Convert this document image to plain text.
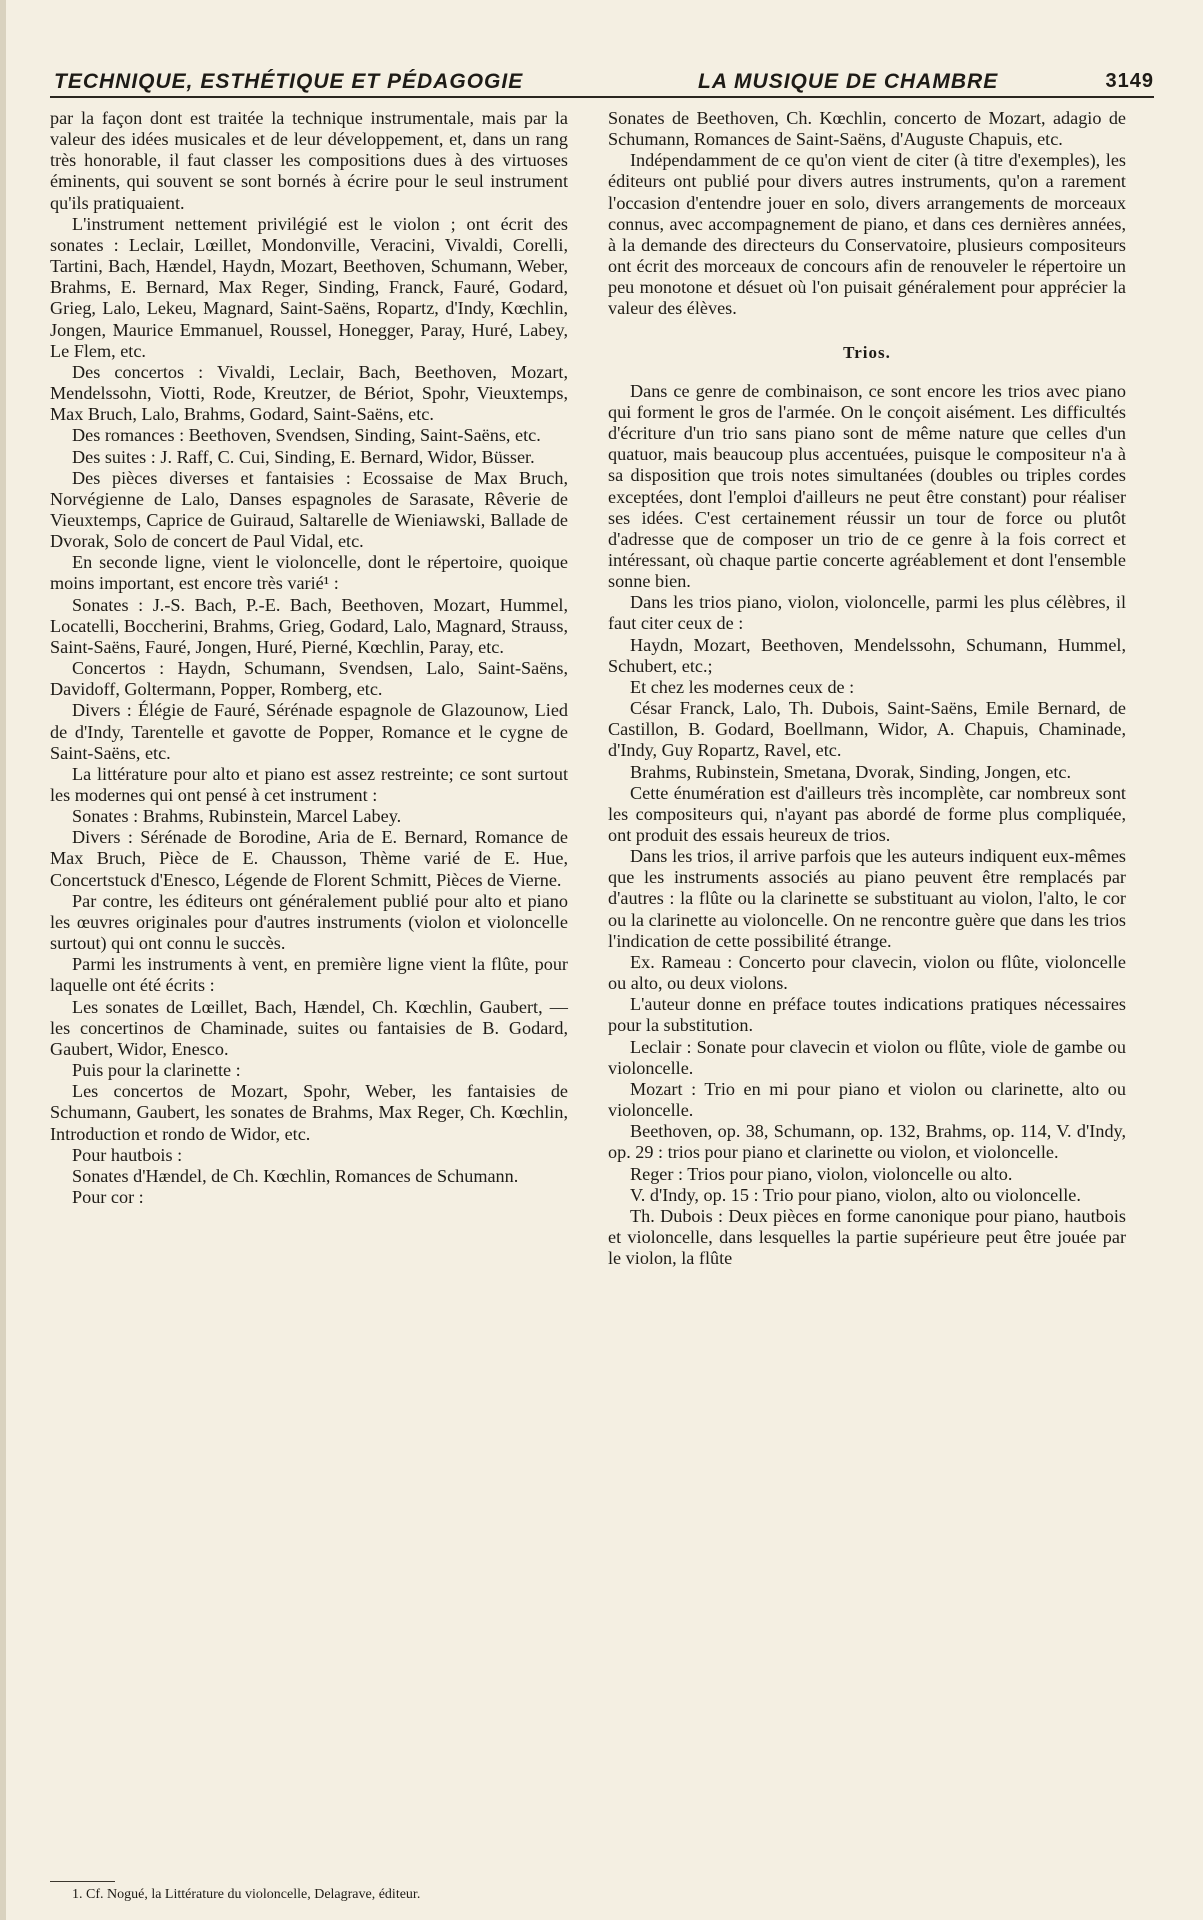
TECHNIQUE, ESTHÉTIQUE ET PÉDAGOGIE	LA MUSIQUE DE CHAMBRE	3149

par la façon dont est traitée la technique instrumentale, mais par la valeur des idées musicales et de leur développement, et, dans un rang très honorable, il faut classer les compositions dues à des virtuoses éminents, qui souvent se sont bornés à écrire pour le seul instrument qu'ils pratiquaient.

L'instrument nettement privilégié est le violon ; ont écrit des sonates : Leclair, Lœillet, Mondonville, Veracini, Vivaldi, Corelli, Tartini, Bach, Hændel, Haydn, Mozart, Beethoven, Schumann, Weber, Brahms, E. Bernard, Max Reger, Sinding, Franck, Fauré, Godard, Grieg, Lalo, Lekeu, Magnard, Saint-Saëns, Ropartz, d'Indy, Kœchlin, Jongen, Maurice Emmanuel, Roussel, Honegger, Paray, Huré, Labey, Le Flem, etc.

Des concertos : Vivaldi, Leclair, Bach, Beethoven, Mozart, Mendelssohn, Viotti, Rode, Kreutzer, de Bériot, Spohr, Vieuxtemps, Max Bruch, Lalo, Brahms, Godard, Saint-Saëns, etc.

Des romances : Beethoven, Svendsen, Sinding, Saint-Saëns, etc.

Des suites : J. Raff, C. Cui, Sinding, E. Bernard, Widor, Büsser.

Des pièces diverses et fantaisies : Ecossaise de Max Bruch, Norvégienne de Lalo, Danses espagnoles de Sarasate, Rêverie de Vieuxtemps, Caprice de Guiraud, Saltarelle de Wieniawski, Ballade de Dvorak, Solo de concert de Paul Vidal, etc.

En seconde ligne, vient le violoncelle, dont le répertoire, quoique moins important, est encore très varié¹ :

Sonates : J.-S. Bach, P.-E. Bach, Beethoven, Mozart, Hummel, Locatelli, Boccherini, Brahms, Grieg, Godard, Lalo, Magnard, Strauss, Saint-Saëns, Fauré, Jongen, Huré, Pierné, Kœchlin, Paray, etc.

Concertos : Haydn, Schumann, Svendsen, Lalo, Saint-Saëns, Davidoff, Goltermann, Popper, Romberg, etc.

Divers : Élégie de Fauré, Sérénade espagnole de Glazounow, Lied de d'Indy, Tarentelle et gavotte de Popper, Romance et le cygne de Saint-Saëns, etc.

La littérature pour alto et piano est assez restreinte; ce sont surtout les modernes qui ont pensé à cet instrument :

Sonates : Brahms, Rubinstein, Marcel Labey.

Divers : Sérénade de Borodine, Aria de E. Bernard, Romance de Max Bruch, Pièce de E. Chausson, Thème varié de E. Hue, Concertstuck d'Enesco, Légende de Florent Schmitt, Pièces de Vierne.

Par contre, les éditeurs ont généralement publié pour alto et piano les œuvres originales pour d'autres instruments (violon et violoncelle surtout) qui ont connu le succès.

Parmi les instruments à vent, en première ligne vient la flûte, pour laquelle ont été écrits :

Les sonates de Lœillet, Bach, Hændel, Ch. Kœchlin, Gaubert, — les concertinos de Chaminade, suites ou fantaisies de B. Godard, Gaubert, Widor, Enesco.

Puis pour la clarinette :

Les concertos de Mozart, Spohr, Weber, les fantaisies de Schumann, Gaubert, les sonates de Brahms, Max Reger, Ch. Kœchlin, Introduction et rondo de Widor, etc.

Pour hautbois :

Sonates d'Hændel, de Ch. Kœchlin, Romances de Schumann.

Pour cor :

1. Cf. Nogué, la Littérature du violoncelle, Delagrave, éditeur.

Sonates de Beethoven, Ch. Kœchlin, concerto de Mozart, adagio de Schumann, Romances de Saint-Saëns, d'Auguste Chapuis, etc.

Indépendamment de ce qu'on vient de citer (à titre d'exemples), les éditeurs ont publié pour divers autres instruments, qu'on a rarement l'occasion d'entendre jouer en solo, divers arrangements de morceaux connus, avec accompagnement de piano, et dans ces dernières années, à la demande des directeurs du Conservatoire, plusieurs compositeurs ont écrit des morceaux de concours afin de renouveler le répertoire un peu monotone et désuet où l'on puisait généralement pour apprécier la valeur des élèves.

Trios.

Dans ce genre de combinaison, ce sont encore les trios avec piano qui forment le gros de l'armée. On le conçoit aisément. Les difficultés d'écriture d'un trio sans piano sont de même nature que celles d'un quatuor, mais beaucoup plus accentuées, puisque le compositeur n'a à sa disposition que trois notes simultanées (doubles ou triples cordes exceptées, dont l'emploi d'ailleurs ne peut être constant) pour réaliser ses idées. C'est certainement réussir un tour de force ou plutôt d'adresse que de composer un trio de ce genre à la fois correct et intéressant, où chaque partie concerte agréablement et dont l'ensemble sonne bien.

Dans les trios piano, violon, violoncelle, parmi les plus célèbres, il faut citer ceux de :

Haydn, Mozart, Beethoven, Mendelssohn, Schumann, Hummel, Schubert, etc.;

Et chez les modernes ceux de :

César Franck, Lalo, Th. Dubois, Saint-Saëns, Emile Bernard, de Castillon, B. Godard, Boellmann, Widor, A. Chapuis, Chaminade, d'Indy, Guy Ropartz, Ravel, etc.

Brahms, Rubinstein, Smetana, Dvorak, Sinding, Jongen, etc.

Cette énumération est d'ailleurs très incomplète, car nombreux sont les compositeurs qui, n'ayant pas abordé de forme plus compliquée, ont produit des essais heureux de trios.

Dans les trios, il arrive parfois que les auteurs indiquent eux-mêmes que les instruments associés au piano peuvent être remplacés par d'autres : la flûte ou la clarinette se substituant au violon, l'alto, le cor ou la clarinette au violoncelle. On ne rencontre guère que dans les trios l'indication de cette possibilité étrange.

Ex. Rameau : Concerto pour clavecin, violon ou flûte, violoncelle ou alto, ou deux violons.

L'auteur donne en préface toutes indications pratiques nécessaires pour la substitution.

Leclair : Sonate pour clavecin et violon ou flûte, viole de gambe ou violoncelle.

Mozart : Trio en mi pour piano et violon ou clarinette, alto ou violoncelle.

Beethoven, op. 38, Schumann, op. 132, Brahms, op. 114, V. d'Indy, op. 29 : trios pour piano et clarinette ou violon, et violoncelle.

Reger : Trios pour piano, violon, violoncelle ou alto.

V. d'Indy, op. 15 : Trio pour piano, violon, alto ou violoncelle.

Th. Dubois : Deux pièces en forme canonique pour piano, hautbois et violoncelle, dans lesquelles la partie supérieure peut être jouée par le violon, la flûte
